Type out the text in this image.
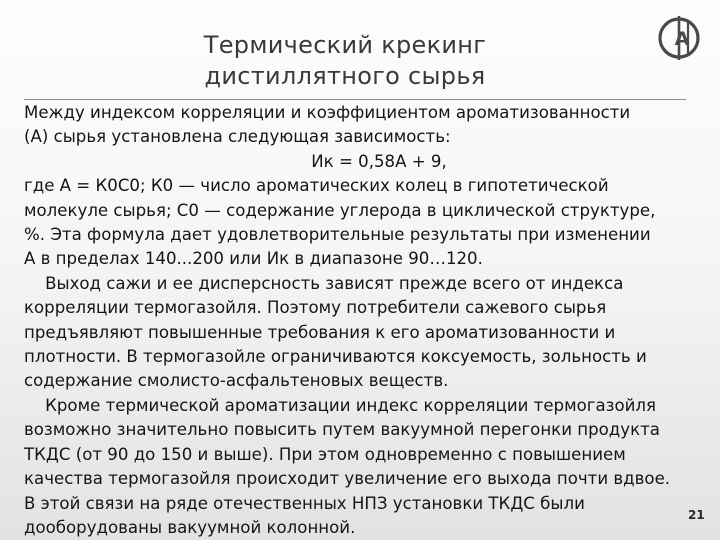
Термический крекинг
дистиллятного сырья
А
Между индексом корреляции и коэффициентом ароматизованности
(А) сырья установлена следующая зависимость:
Ик = 0,58А + 9,
где А = К0С0; К0 — число ароматических колец в гипотетической
молекуле сырья; С0 — содержание углерода в циклической структуре,
%. Эта формула дает удовлетворительные результаты при изменении
А в пределах 140...200 или Ик в диапазоне 90…120.
Выход сажи и ее дисперсность зависят прежде всего от индекса
корреляции термогазойля. Поэтому потребители сажевого сырья
предъявляют повышенные требования к его ароматизованности и
плотности. В термогазойле ограничиваются коксуемость, зольность и
содержание смолисто-асфальтеновых веществ.
Кроме термической ароматизации индекс корреляции термогазойля
возможно значительно повысить путем вакуумной перегонки продукта
ТКДС (от 90 до 150 и выше). При этом одновременно с повышением
качества термогазойля происходит увеличение его выхода почти вдвое.
В этой связи на ряде отечественных НПЗ установки ТКДС были
дооборудованы вакуумной колонной.
21
